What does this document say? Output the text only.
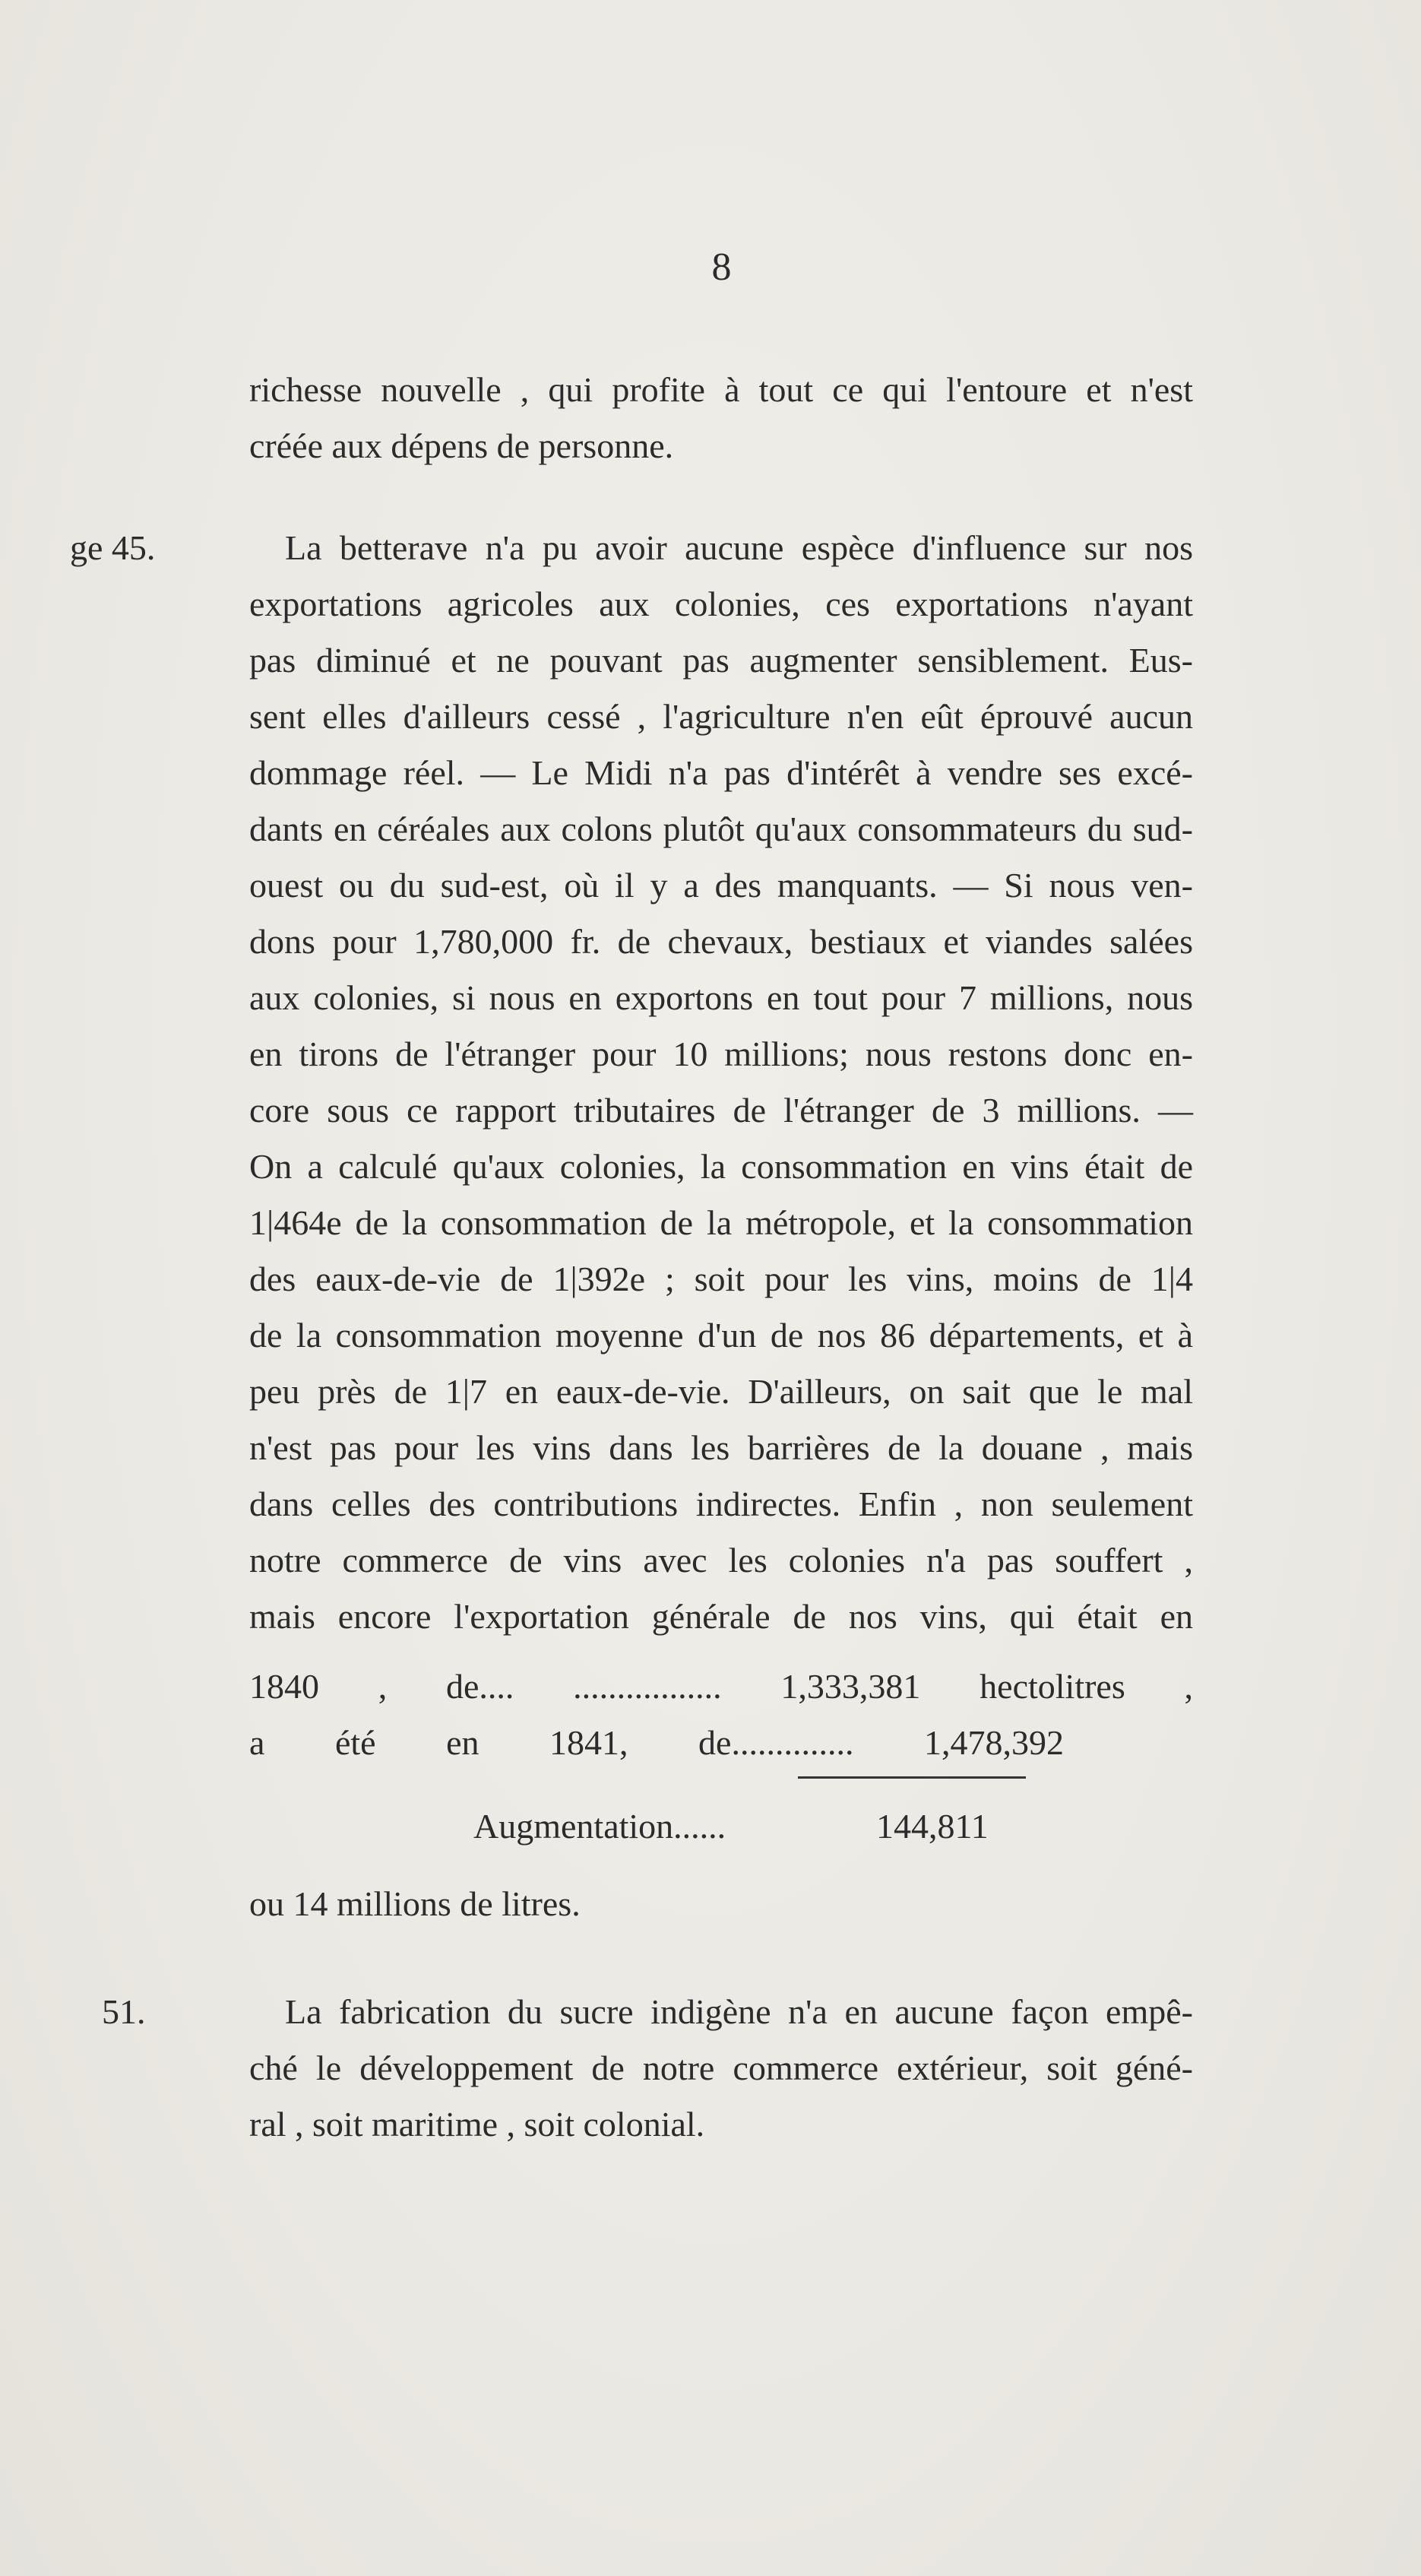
8
richesse nouvelle , qui profite à tout ce qui l'entoure et n'est
créée aux dépens de personne.
ge 45.	La betterave n'a pu avoir aucune espèce d'influence sur nos
exportations agricoles aux colonies, ces exportations n'ayant
pas diminué et ne pouvant pas augmenter sensiblement. Eus-
sent elles d'ailleurs cessé , l'agriculture n'en eût éprouvé aucun
dommage réel. — Le Midi n'a pas d'intérêt à vendre ses excé-
dants en céréales aux colons plutôt qu'aux consommateurs du sud-
ouest ou du sud-est, où il y a des manquants. — Si nous ven-
dons pour 1,780,000 fr. de chevaux, bestiaux et viandes salées
aux colonies, si nous en exportons en tout pour 7 millions, nous
en tirons de l'étranger pour 10 millions; nous restons donc en-
core sous ce rapport tributaires de l'étranger de 3 millions. —
On a calculé qu'aux colonies, la consommation en vins était de
1|464e de la consommation de la métropole, et la consommation
des eaux-de-vie de 1|392e ; soit pour les vins, moins de 1|4
de la consommation moyenne d'un de nos 86 départements, et à
peu près de 1|7 en eaux-de-vie. D'ailleurs, on sait que le mal
n'est pas pour les vins dans les barrières de la douane , mais
dans celles des contributions indirectes. Enfin , non seulement
notre commerce de vins avec les colonies n'a pas souffert ,
mais encore l'exportation générale de nos vins, qui était en
1840 , de.... ................. 1,333,381 hectolitres ,
a été en 1841, de.............. 1,478,392
Augmentation......	144,811
ou 14 millions de litres.
51.	La fabrication du sucre indigène n'a en aucune façon empê-
ché le développement de notre commerce extérieur, soit géné-
ral , soit maritime , soit colonial.
